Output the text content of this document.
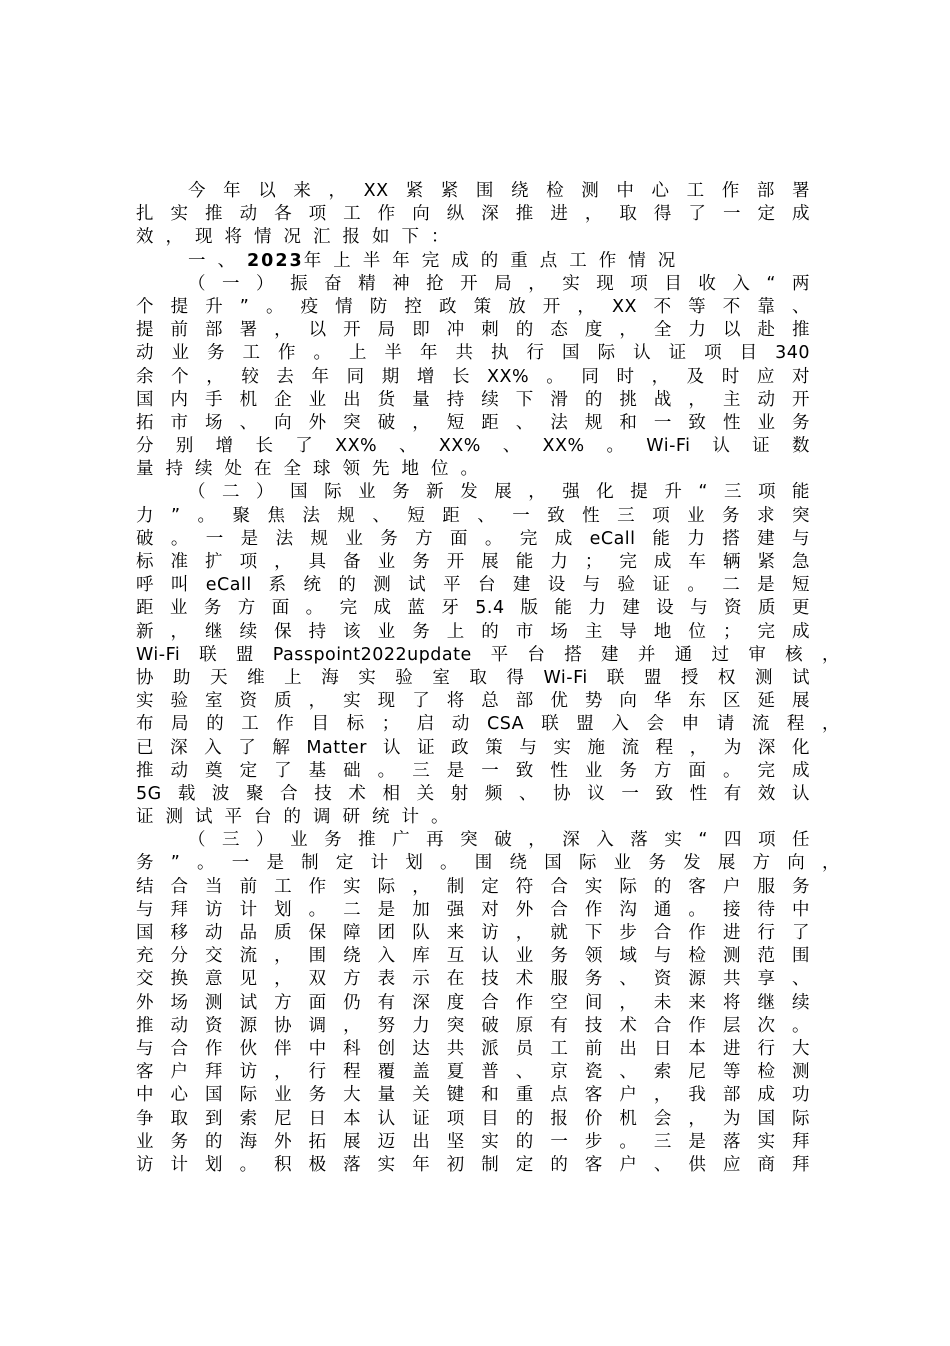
今年以来，XX紧紧围绕检测中心工作部署
扎实推动各项工作向纵深推进，取得了一定成
效，现将情况汇报如下：
一、2023年上半年完成的重点工作情况
（一）振奋精神抢开局，实现项目收入“两
个提升”。疫情防控政策放开，XX不等不靠、
提前部署，以开局即冲刺的态度，全力以赴推
动业务工作。上半年共执行国际认证项目340
余个，较去年同期增长XX%。同时，及时应对
国内手机企业出货量持续下滑的挑战，主动开
拓市场、向外突破，短距、法规和一致性业务
分别增长了XX%、XX%、XX%。Wi-Fi认证数
量持续处在全球领先地位。
（二）国际业务新发展，强化提升“三项能
力”。聚焦法规、短距、一致性三项业务求突
破。一是法规业务方面。完成eCall能力搭建与
标准扩项，具备业务开展能力；完成车辆紧急
呼叫eCall系统的测试平台建设与验证。二是短
距业务方面。完成蓝牙5.4版能力建设与资质更
新，继续保持该业务上的市场主导地位；完成
Wi-Fi联盟Passpoint2022update平台搭建并通过审核，
协助天维上海实验室取得Wi-Fi联盟授权测试
实验室资质，实现了将总部优势向华东区延展
布局的工作目标；启动CSA联盟入会申请流程，
已深入了解Matter认证政策与实施流程，为深化
推动奠定了基础。三是一致性业务方面。完成
5G载波聚合技术相关射频、协议一致性有效认
证测试平台的调研统计。
（三）业务推广再突破，深入落实“四项任
务”。一是制定计划。围绕国际业务发展方向，
结合当前工作实际，制定符合实际的客户服务
与拜访计划。二是加强对外合作沟通。接待中
国移动品质保障团队来访，就下步合作进行了
充分交流，围绕入库互认业务领域与检测范围
交换意见，双方表示在技术服务、资源共享、
外场测试方面仍有深度合作空间，未来将继续
推动资源协调，努力突破原有技术合作层次。
与合作伙伴中科创达共派员工前出日本进行大
客户拜访，行程覆盖夏普、京瓷、索尼等检测
中心国际业务大量关键和重点客户，我部成功
争取到索尼日本认证项目的报价机会，为国际
业务的海外拓展迈出坚实的一步。三是落实拜
访计划。积极落实年初制定的客户、供应商拜
